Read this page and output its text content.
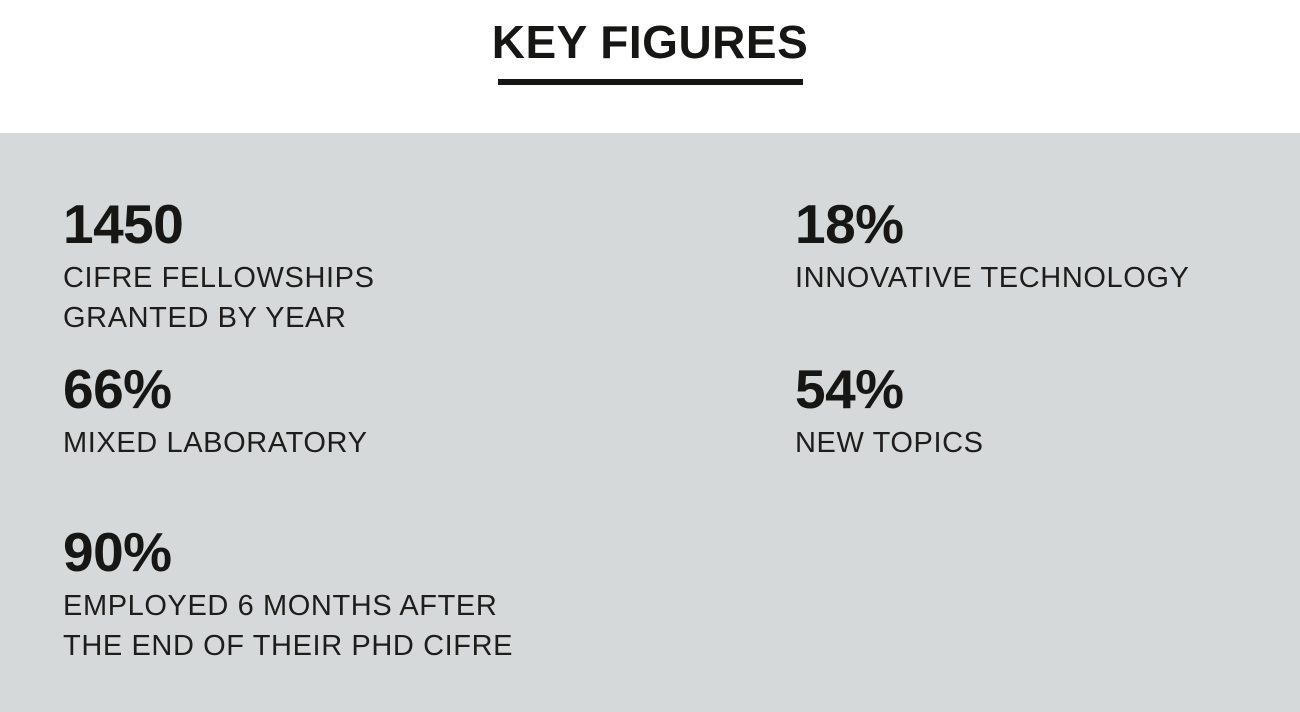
KEY FIGURES
1450
CIFRE FELLOWSHIPS
GRANTED BY YEAR
18%
INNOVATIVE TECHNOLOGY
66%
MIXED LABORATORY
54%
NEW TOPICS
90%
EMPLOYED 6 MONTHS AFTER
THE END OF THEIR PHD CIFRE
